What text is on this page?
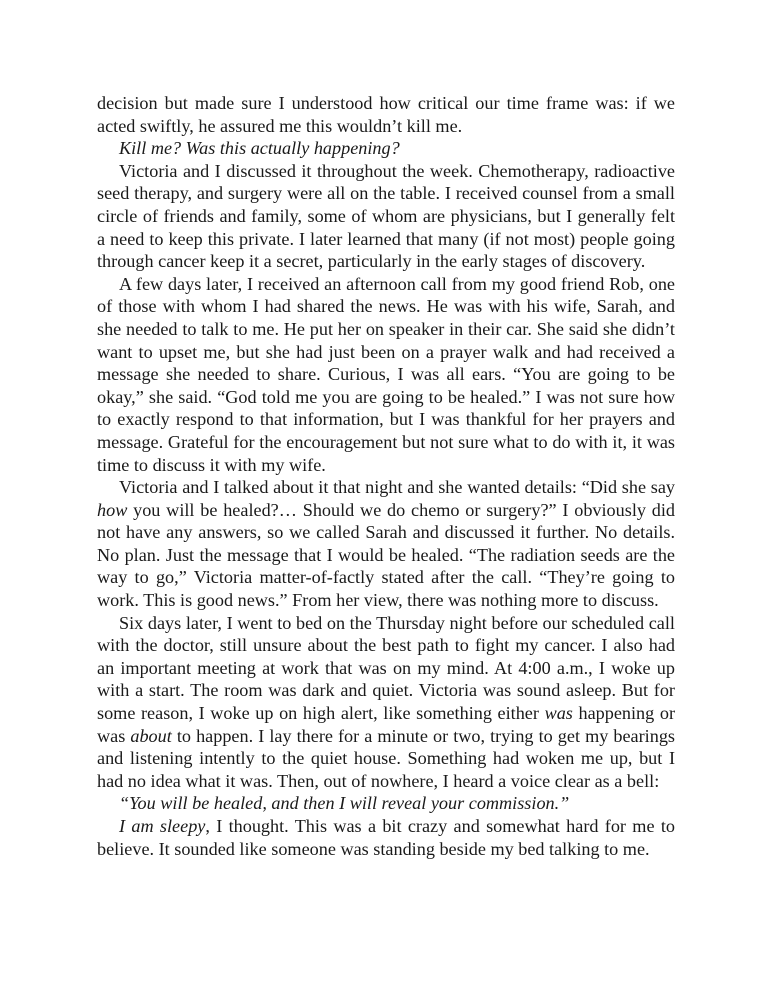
decision but made sure I understood how critical our time frame was: if we acted swiftly, he assured me this wouldn’t kill me.

Kill me? Was this actually happening?

Victoria and I discussed it throughout the week. Chemotherapy, radioactive seed therapy, and surgery were all on the table. I received counsel from a small circle of friends and family, some of whom are physicians, but I generally felt a need to keep this private. I later learned that many (if not most) people going through cancer keep it a secret, particularly in the early stages of discovery.

A few days later, I received an afternoon call from my good friend Rob, one of those with whom I had shared the news. He was with his wife, Sarah, and she needed to talk to me. He put her on speaker in their car. She said she didn’t want to upset me, but she had just been on a prayer walk and had received a message she needed to share. Curious, I was all ears. “You are going to be okay,” she said. “God told me you are going to be healed.” I was not sure how to exactly respond to that information, but I was thankful for her prayers and message. Grateful for the encouragement but not sure what to do with it, it was time to discuss it with my wife.

Victoria and I talked about it that night and she wanted details: “Did she say how you will be healed?… Should we do chemo or surgery?” I obviously did not have any answers, so we called Sarah and discussed it further. No details. No plan. Just the message that I would be healed. “The radiation seeds are the way to go,” Victoria matter-of-factly stated after the call. “They’re going to work. This is good news.” From her view, there was nothing more to discuss.

Six days later, I went to bed on the Thursday night before our scheduled call with the doctor, still unsure about the best path to fight my cancer. I also had an important meeting at work that was on my mind. At 4:00 a.m., I woke up with a start. The room was dark and quiet. Victoria was sound asleep. But for some reason, I woke up on high alert, like something either was happening or was about to happen. I lay there for a minute or two, trying to get my bearings and listening intently to the quiet house. Something had woken me up, but I had no idea what it was. Then, out of nowhere, I heard a voice clear as a bell:

“You will be healed, and then I will reveal your commission.”

I am sleepy, I thought. This was a bit crazy and somewhat hard for me to believe. It sounded like someone was standing beside my bed talking to me.
